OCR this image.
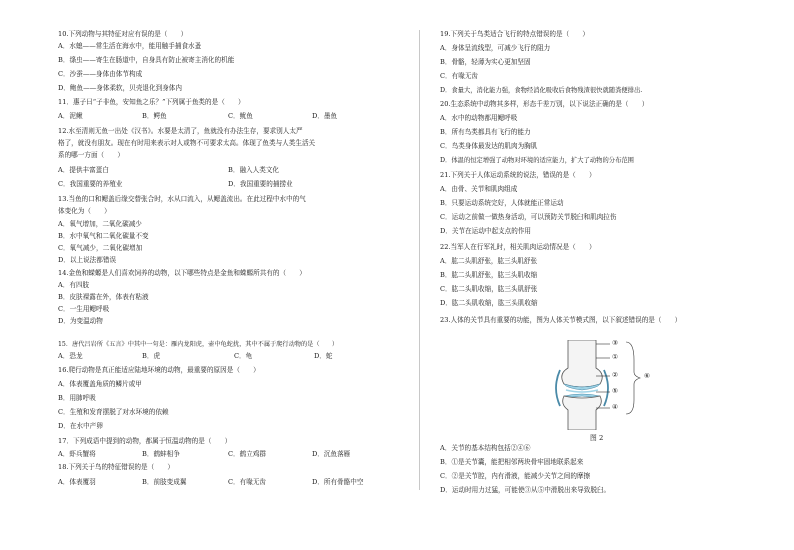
10.下列动物与其特征对应有误的是（　　）
A．水螅——常生活在海水中，能用触手捕食水蚤
B．绦虫——寄生在肠道中，自身具有防止被寄主消化的机能
C．沙蚕——身体由体节构成
D．鲍鱼——身体柔软，贝壳退化到身体内
11．惠子曰“子非鱼，安知鱼之乐？”下列属于鱼类的是（　　）
A．泥鳅	B．鳄鱼	C．鱿鱼	D．墨鱼
12.水至清则无鱼一出处《汉书》。水要是太清了，鱼就没有办法生存，要求别人太严
格了，就没有朋友。现在有时用来表示对人或物不可要求太高。体现了鱼类与人类生活关
系的哪一方面（　　）
A．提供丰富蛋白	B．融入人类文化
C．我国重要的养殖业	D．我国重要的捕捞业
13.当鱼的口和鳃盖后缘交替张合时，水从口流入，从鳃盖流出。在此过程中水中的气
体变化为（　　）
A．氧气增加，二氧化碳减少
B．水中氧气和二氧化碳量不变
C．氧气减少，二氧化碳增加
D．以上说法都错误
14.金鱼和蝾螈是人们喜欢饲养的动物，以下哪些特点是金鱼和蝾螈所共有的（　　）
A．有四肢
B．皮肤裸露在外，体表有粘液
C．一生用鳃呼吸
D．为变温动物
15．唐代吕岩所《五言》中其中一句是：雁内龙阳虎，壶中龟蛇扰，其中不属于爬行动物的是（　　）
A．恐龙	B．虎	C．龟	D．蛇
16.爬行动物是真正能适应陆地环境的动物，最重要的原因是（　　）
A．体表覆盖角质的鳞片或甲
B．用肺呼吸
C．生殖和发育摆脱了对水环境的依赖
D．在水中产卵
17．下列成语中提到的动物，都属于恒温动物的是（　　）
A．虾兵蟹将	B．鹤蚌相争	C．鹤立鸡群	D．沉鱼落雁
18.下列关于鸟的特征错误的是（　　）
A．体表覆羽	B．前肢变成翼	C．有喙无齿	D．所有骨骼中空
19.下列关于鸟类适合飞行的特点错误的是（　　）
A．身体呈流线型，可减少飞行的阻力
B．骨骼，轻薄为实心更加坚固
C．有喙无齿
D．食量大，消化能力强，食物经消化吸收后食物残渣很快就随粪便排出.
20.生态系统中动物其多样，形态千差万别，以下说法正确的是（　　）
A．水中的动物都用鳃呼吸
B．所有鸟类都具有飞行的能力
C．鸟类身体最发达的肌肉为胸肌
D．体温的恒定增强了动物对环境的适应能力，扩大了动物的分布范围
21.下列关于人体运动系统的说法，错误的是（　　）
A．由骨、关节和肌肉组成
B．只要运动系统完好，人体就能正常运动
C．运动之前做一做热身活动，可以预防关节脱臼和肌肉拉伤
D．关节在运动中起支点的作用
22.当军人在行军礼时，相关肌肉运动情况是（　　）
A．肱二头肌舒张，肱三头肌舒张
B．肱二头肌舒张，肱三头肌收缩
C．肱二头肌收缩，肱三头肌舒张
D．肱二头肌收缩，肱三头肌收缩
23.人体的关节具有重要的功能，图为人体关节模式图，以下叙述错误的是（　　）
A．关节的基本结构包括②④⑥
B．①是关节囊，能把相邻两块骨牢固地联系起来
C．②是关节腔，内有滑液，能减少关节之间的摩擦
D．运动时用力过猛，可能使③从⑤中滑脱出来导致脱臼。
③
①
②
⑤
④
⑥
图 2
